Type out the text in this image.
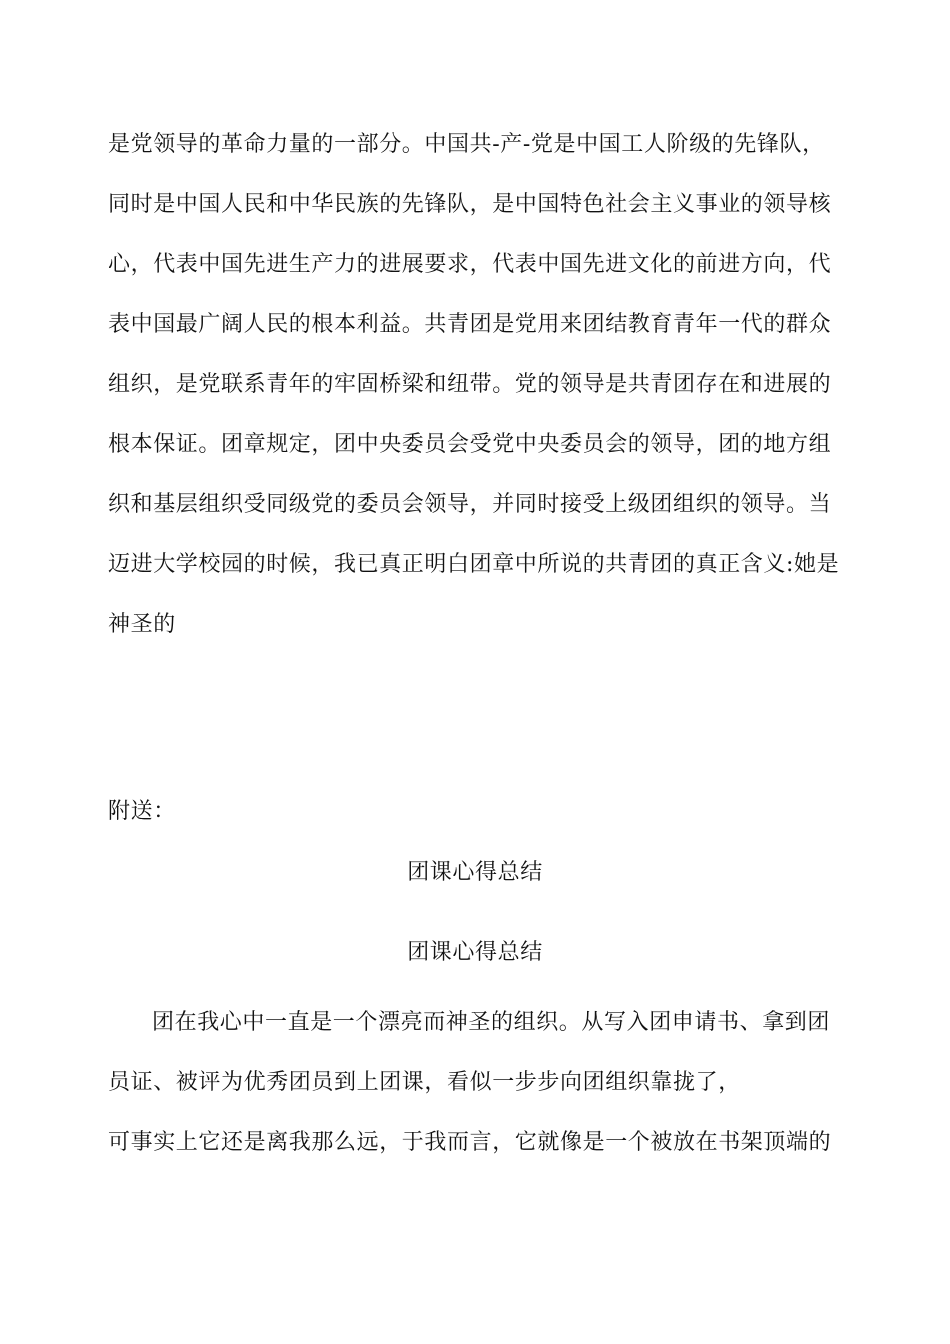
是党领导的革命力量的一部分。中国共-产-党是中国工人阶级的先锋队，
同时是中国人民和中华民族的先锋队，是中国特色社会主义事业的领导核
心，代表中国先进生产力的进展要求，代表中国先进文化的前进方向，代
表中国最广阔人民的根本利益。共青团是党用来团结教育青年一代的群众
组织，是党联系青年的牢固桥梁和纽带。党的领导是共青团存在和进展的
根本保证。团章规定，团中央委员会受党中央委员会的领导，团的地方组
织和基层组织受同级党的委员会领导，并同时接受上级团组织的领导。当
迈进大学校园的时候，我已真正明白团章中所说的共青团的真正含义:她是
神圣的
附送：
团课心得总结
团课心得总结
团在我心中一直是一个漂亮而神圣的组织。从写入团申请书、拿到团
员证、被评为优秀团员到上团课，看似一步步向团组织靠拢了，
可事实上它还是离我那么远，于我而言，它就像是一个被放在书架顶端的
